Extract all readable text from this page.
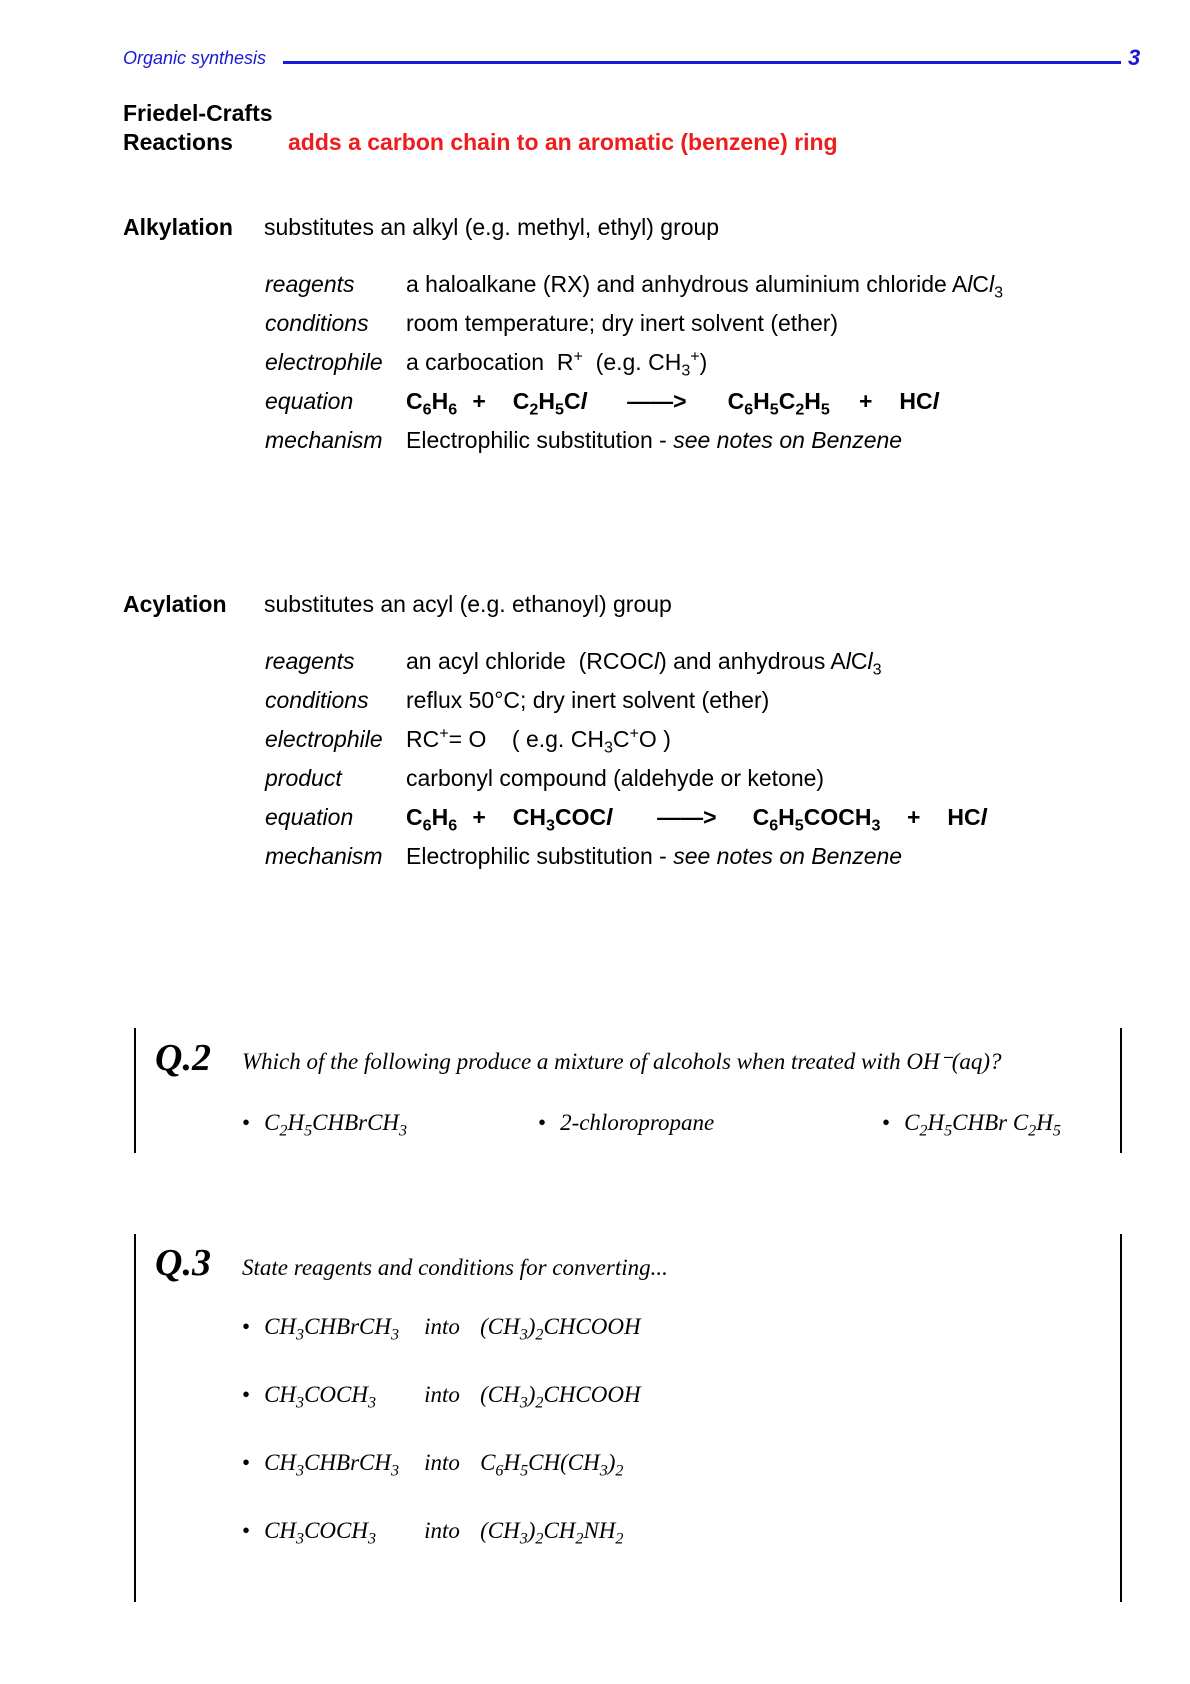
Organic synthesis	3
Friedel-Crafts
Reactions adds a carbon chain to an aromatic (benzene) ring
Alkylation substitutes an alkyl (e.g. methyl, ethyl) group
reagents a haloalkane (RX) and anhydrous aluminium chloride AlCl$_3$
conditions room temperature; dry inert solvent (ether)
electrophile a carbocation  R+  (e.g. $CH_3^+$)
equation $C_6H_6 + C_2H_5Cl$ ——> $C_6H_5C_2H_5$ + HCl
mechanism Electrophilic substitution - see notes on Benzene
Acylation substitutes an acyl (e.g. ethanoyl) group
reagents an acyl chloride  (RCOCl) and anhydrous AlCl$_3$
conditions reflux 50°C; dry inert solvent (ether)
electrophile RC+= O    ( e.g. $CH_3C^+O$ )
product	carbonyl compound (aldehyde or ketone)
equation $C_6H_6$ + $CH_3COCl$ ——> $C_6H_5COCH_3$ + HCl
mechanism Electrophilic substitution - see notes on Benzene
Q.2 Which of the following produce a mixture of alcohols when treated with OH⁻(aq)?
• $C_2H_5CHBrCH_3$	• 2-chloropropane	• $C_2H_5CHBr$ $C_2H_5$
Q.3 State reagents and conditions for converting...
• $CH_3CHBrCH_3$ into $(CH_3)_2CHCOOH$
• $CH_3COCH_3$ into $(CH_3)_2CHCOOH$
• $CH_3CHBrCH_3$ into $C_6H_5CH(CH_3)_2$
• $CH_3COCH_3$ into $(CH_3)_2CH_2NH_2$
